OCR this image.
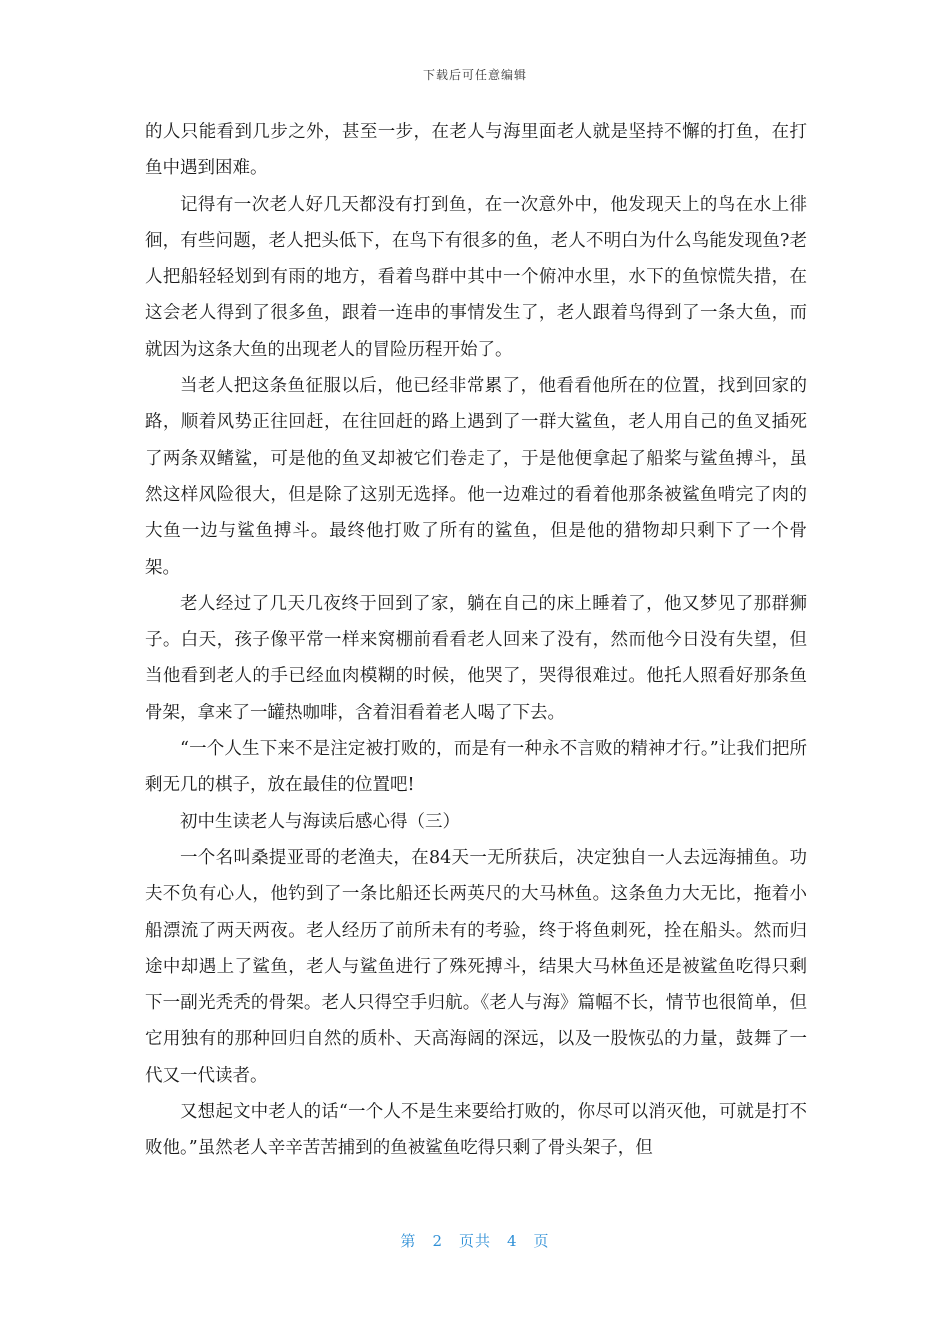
下载后可任意编辑

的人只能看到几步之外，甚至一步，在老人与海里面老人就是坚持不懈的打鱼，在打鱼中遇到困难。

记得有一次老人好几天都没有打到鱼，在一次意外中，他发现天上的鸟在水上徘徊，有些问题，老人把头低下，在鸟下有很多的鱼，老人不明白为什么鸟能发现鱼?老人把船轻轻划到有雨的地方，看着鸟群中其中一个俯冲水里，水下的鱼惊慌失措，在这会老人得到了很多鱼，跟着一连串的事情发生了，老人跟着鸟得到了一条大鱼，而就因为这条大鱼的出现老人的冒险历程开始了。

当老人把这条鱼征服以后，他已经非常累了，他看看他所在的位置，找到回家的路，顺着风势正往回赶，在往回赶的路上遇到了一群大鲨鱼，老人用自己的鱼叉插死了两条双鳍鲨，可是他的鱼叉却被它们卷走了，于是他便拿起了船桨与鲨鱼搏斗，虽然这样风险很大，但是除了这别无选择。他一边难过的看着他那条被鲨鱼啃完了肉的大鱼一边与鲨鱼搏斗。最终他打败了所有的鲨鱼，但是他的猎物却只剩下了一个骨架。

老人经过了几天几夜终于回到了家，躺在自己的床上睡着了，他又梦见了那群狮子。白天，孩子像平常一样来窝棚前看看老人回来了没有，然而他今日没有失望，但当他看到老人的手已经血肉模糊的时候，他哭了，哭得很难过。他托人照看好那条鱼骨架，拿来了一罐热咖啡，含着泪看着老人喝了下去。

“一个人生下来不是注定被打败的，而是有一种永不言败的精神才行。”让我们把所剩无几的棋子，放在最佳的位置吧!

初中生读老人与海读后感心得（三）

一个名叫桑提亚哥的老渔夫，在84天一无所获后，决定独自一人去远海捕鱼。功夫不负有心人，他钓到了一条比船还长两英尺的大马林鱼。这条鱼力大无比，拖着小船漂流了两天两夜。老人经历了前所未有的考验，终于将鱼刺死，拴在船头。然而归途中却遇上了鲨鱼，老人与鲨鱼进行了殊死搏斗，结果大马林鱼还是被鲨鱼吃得只剩下一副光秃秃的骨架。老人只得空手归航。《老人与海》篇幅不长，情节也很简单，但它用独有的那种回归自然的质朴、天高海阔的深远，以及一股恢弘的力量，鼓舞了一代又一代读者。

又想起文中老人的话“一个人不是生来要给打败的，你尽可以消灭他，可就是打不败他。”虽然老人辛辛苦苦捕到的鱼被鲨鱼吃得只剩了骨头架子，但

第 2 页共 4 页
